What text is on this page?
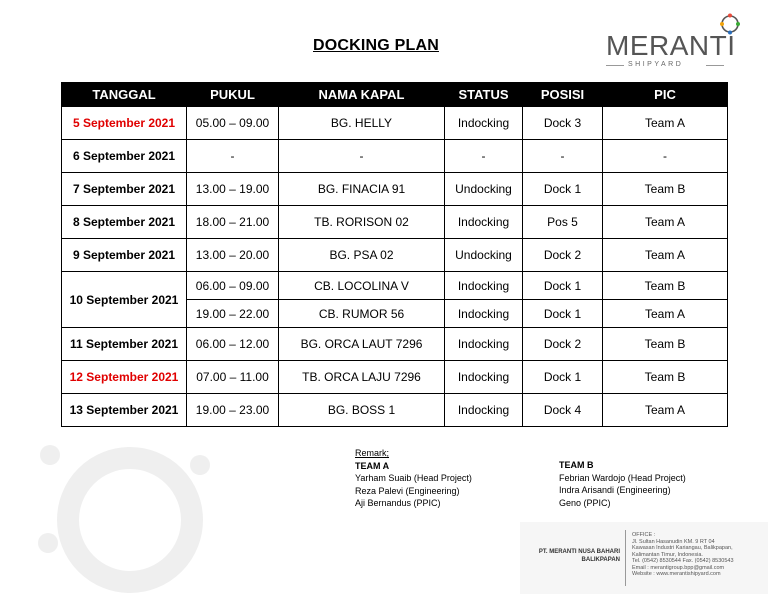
DOCKING PLAN	MERANTI
SHIPYARD
TANGGAL	PUKUL	NAMA KAPAL	STATUS	POSISI	PIC
5 September 2021	05.00 – 09.00	BG. HELLY	Indocking	Dock 3	Team A
6 September 2021	-	-	-	-	-
7 September 2021	13.00 – 19.00	BG. FINACIA 91	Undocking	Dock 1	Team B
8 September 2021	18.00 – 21.00	TB. RORISON 02	Indocking	Pos 5	Team A
9 September 2021	13.00 – 20.00	BG. PSA 02	Undocking	Dock 2	Team A
10 September 2021	06.00 – 09.00	CB. LOCOLINA V	Indocking	Dock 1	Team B
	19.00 – 22.00	CB. RUMOR 56	Indocking	Dock 1	Team A
11 September 2021	06.00 – 12.00	BG. ORCA LAUT 7296	Indocking	Dock 2	Team B
12 September 2021	07.00 – 11.00	TB. ORCA LAJU 7296	Indocking	Dock 1	Team B
13 September 2021	19.00 – 23.00	BG. BOSS 1	Indocking	Dock 4	Team A
Remark;
TEAM A
Yarham Suaib (Head Project)
Reza Palevi (Engineering)
Aji Bernandus (PPIC)
TEAM B
Febrian Wardojo (Head Project)
Indra Arisandi (Engineering)
Geno (PPIC)
PT. MERANTI NUSA BAHARI
BALIKPAPAN
OFFICE :
Jl. Sultan Hasanudin KM. 9 RT 04
Kawasan Industri Kariangau, Balikpapan,
Kalimantan Timur, Indonesia.
Tel. (0542) 8530544 Fax. (0542) 8530543
Email : merantigroup.bpp@gmail.com
Website : www.merantishipyard.com
